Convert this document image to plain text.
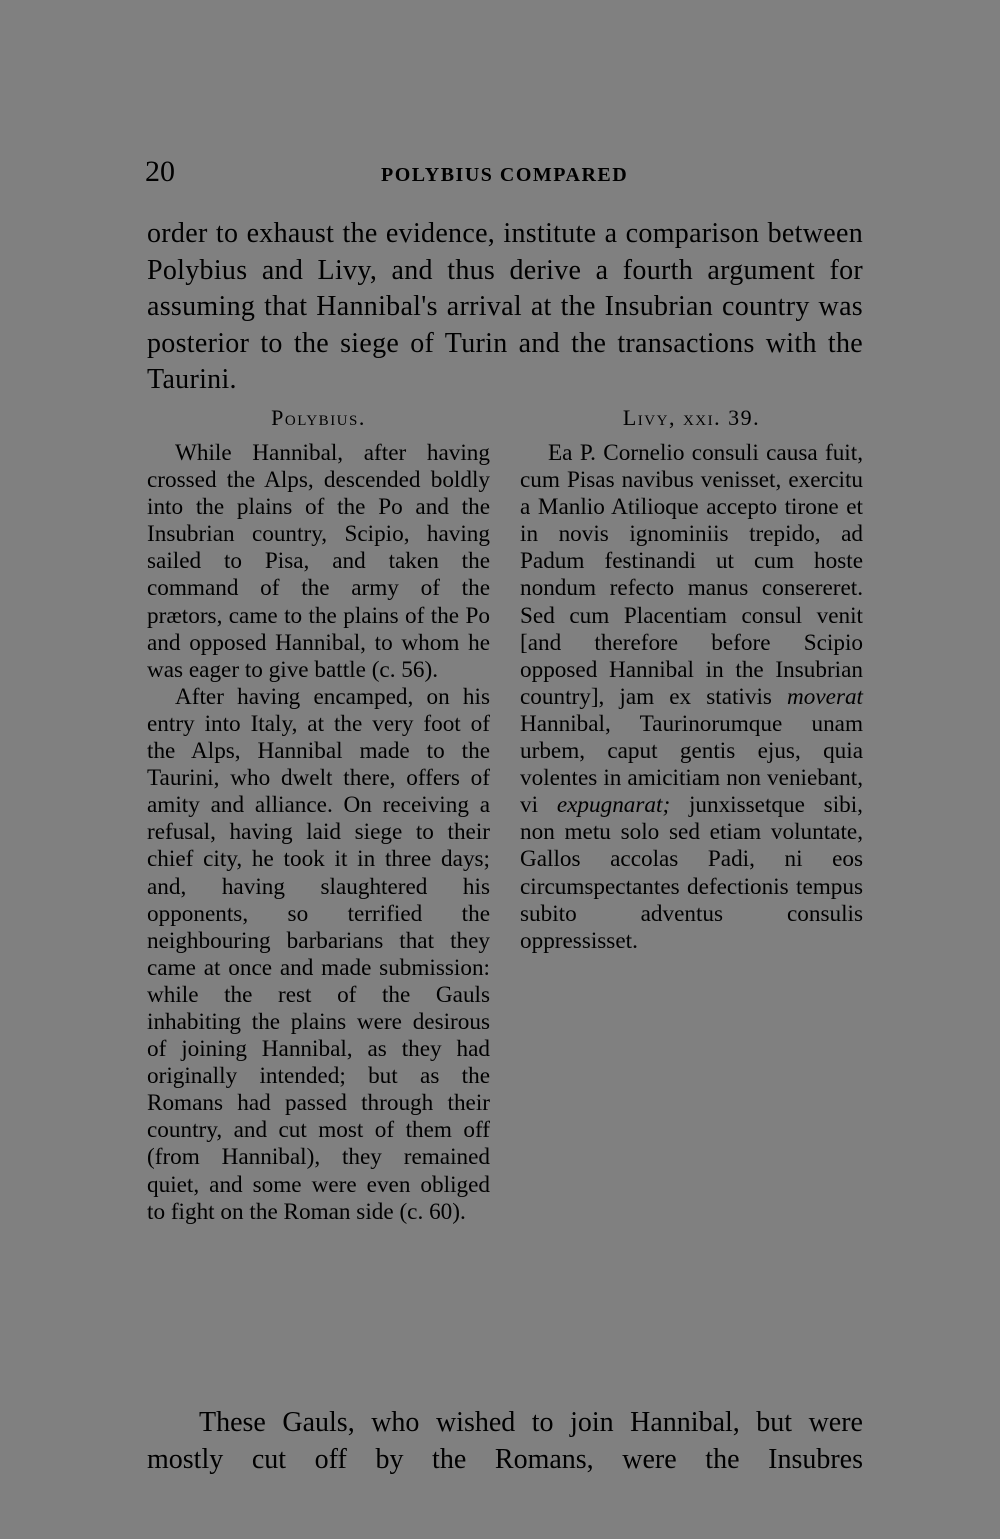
20	POLYBIUS COMPARED

order to exhaust the evidence, institute a comparison between Polybius and Livy, and thus derive a fourth argument for assuming that Hannibal's arrival at the Insubrian country was posterior to the siege of Turin and the transactions with the Taurini.

Polybius.

While Hannibal, after having crossed the Alps, descended boldly into the plains of the Po and the Insubrian country, Scipio, having sailed to Pisa, and taken the command of the army of the prætors, came to the plains of the Po and opposed Hannibal, to whom he was eager to give battle (c. 56).

After having encamped, on his entry into Italy, at the very foot of the Alps, Hannibal made to the Taurini, who dwelt there, offers of amity and alliance. On receiving a refusal, having laid siege to their chief city, he took it in three days; and, having slaughtered his opponents, so terrified the neighbouring barbarians that they came at once and made submission: while the rest of the Gauls inhabiting the plains were desirous of joining Hannibal, as they had originally intended; but as the Romans had passed through their country, and cut most of them off (from Hannibal), they remained quiet, and some were even obliged to fight on the Roman side (c. 60).

Livy, xxi. 39.

Ea P. Cornelio consuli causa fuit, cum Pisas navibus venisset, exercitu a Manlio Atilioque accepto tirone et in novis ignominiis trepido, ad Padum festinandi ut cum hoste nondum refecto manus consereret. Sed cum Placentiam consul venit [and therefore before Scipio opposed Hannibal in the Insubrian country], jam ex stativis moverat Hannibal, Taurinorumque unam urbem, caput gentis ejus, quia volentes in amicitiam non veniebant, vi expugnarat; junxissetque sibi, non metu solo sed etiam voluntate, Gallos accolas Padi, ni eos circumspectantes defectionis tempus subito adventus consulis oppressisset.

These Gauls, who wished to join Hannibal, but were mostly cut off by the Romans, were the Insubres
